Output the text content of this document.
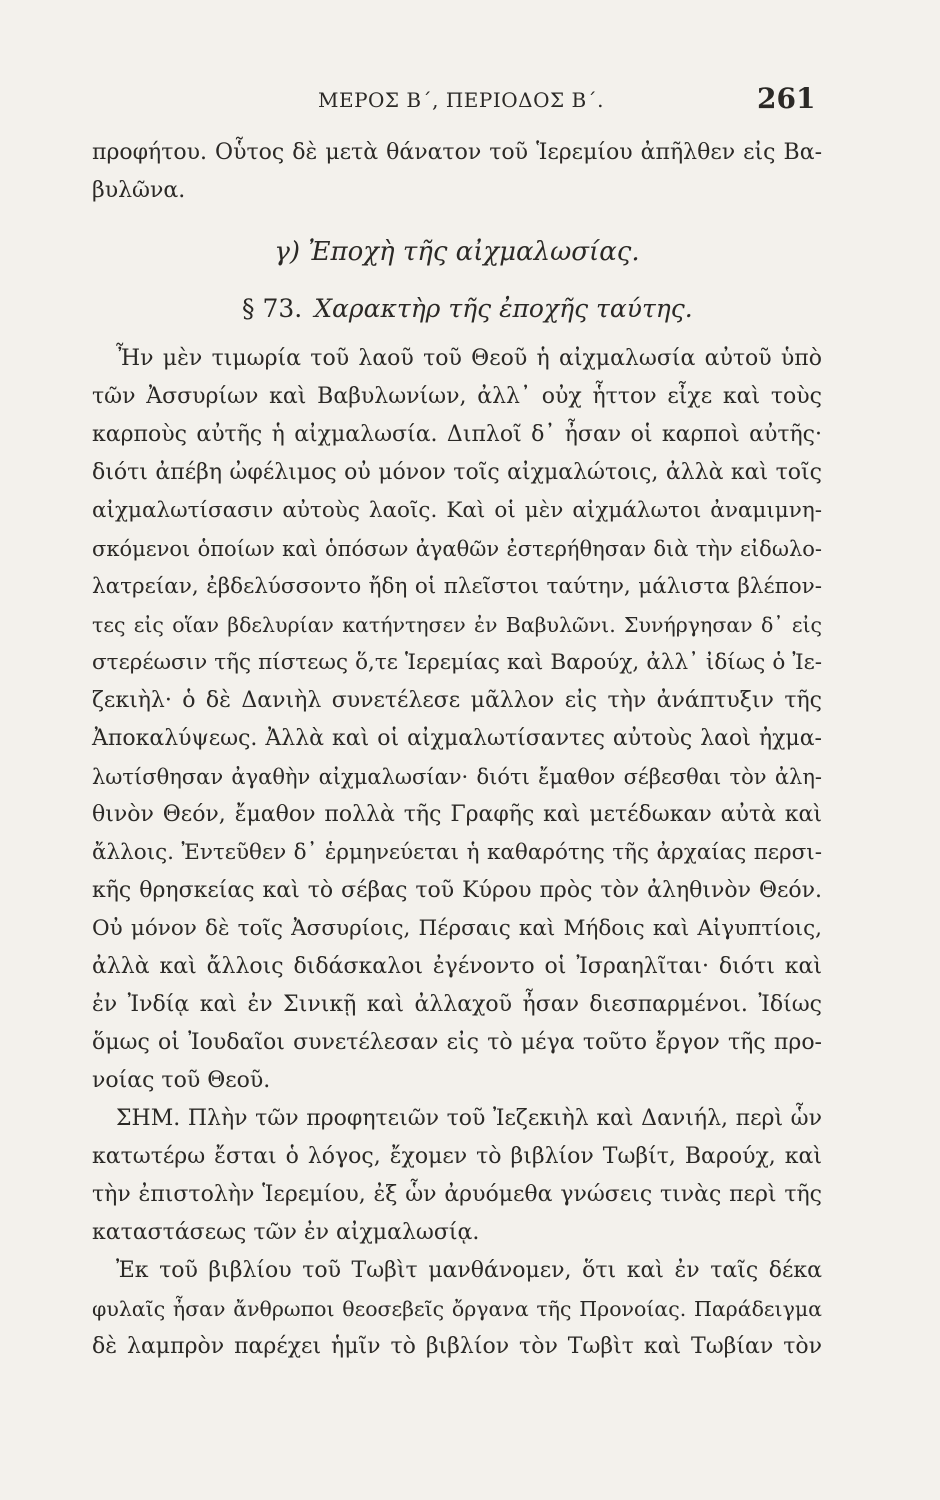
ΜΕΡΟΣ Β΄, ΠΕΡΙΟΔΟΣ Β΄.	261
προφήτου. Οὗτος δὲ μετὰ θάνατον τοῦ Ἱερεμίου ἀπῆλθεν εἰς Βα-
βυλῶνα.
γ) Ἐποχὴ τῆς αἰχμαλωσίας.
§ 73. Χαρακτὴρ τῆς ἐποχῆς ταύτης.
Ἦν μὲν τιμωρία τοῦ λαοῦ τοῦ Θεοῦ ἡ αἰχμαλωσία αὐτοῦ ὑπὸ
τῶν Ἀσσυρίων καὶ Βαβυλωνίων, ἀλλ᾽ οὐχ ἧττον εἶχε καὶ τοὺς
καρποὺς αὐτῆς ἡ αἰχμαλωσία. Διπλοῖ δ᾽ ἦσαν οἱ καρποὶ αὐτῆς·
διότι ἀπέβη ὠφέλιμος οὐ μόνον τοῖς αἰχμαλώτοις, ἀλλὰ καὶ τοῖς
αἰχμαλωτίσασιν αὐτοὺς λαοῖς. Καὶ οἱ μὲν αἰχμάλωτοι ἀναμιμνη-
σκόμενοι ὁποίων καὶ ὁπόσων ἀγαθῶν ἐστερήθησαν διὰ τὴν εἰδωλο-
λατρείαν, ἐβδελύσσοντο ἤδη οἱ πλεῖστοι ταύτην, μάλιστα βλέπον-
τες εἰς οἵαν βδελυρίαν κατήντησεν ἐν Βαβυλῶνι. Συνήργησαν δ᾽ εἰς
στερέωσιν τῆς πίστεως ὅ,τε Ἱερεμίας καὶ Βαρούχ, ἀλλ᾽ ἰδίως ὁ Ἰε-
ζεκιὴλ· ὁ δὲ Δανιὴλ συνετέλεσε μᾶλλον εἰς τὴν ἀνάπτυξιν τῆς
Ἀποκαλύψεως. Ἀλλὰ καὶ οἱ αἰχμαλωτίσαντες αὐτοὺς λαοὶ ἠχμα-
λωτίσθησαν ἀγαθὴν αἰχμαλωσίαν· διότι ἔμαθον σέβεσθαι τὸν ἀλη-
θινὸν Θεόν, ἔμαθον πολλὰ τῆς Γραφῆς καὶ μετέδωκαν αὐτὰ καὶ
ἄλλοις. Ἐντεῦθεν δ᾽ ἑρμηνεύεται ἡ καθαρότης τῆς ἀρχαίας περσι-
κῆς θρησκείας καὶ τὸ σέβας τοῦ Κύρου πρὸς τὸν ἀληθινὸν Θεόν.
Οὐ μόνον δὲ τοῖς Ἀσσυρίοις, Πέρσαις καὶ Μήδοις καὶ Αἰγυπτίοις,
ἀλλὰ καὶ ἄλλοις διδάσκαλοι ἐγένοντο οἱ Ἰσραηλῖται· διότι καὶ
ἐν Ἰνδίᾳ καὶ ἐν Σινικῇ καὶ ἀλλαχοῦ ἦσαν διεσπαρμένοι. Ἰδίως
ὅμως οἱ Ἰουδαῖοι συνετέλεσαν εἰς τὸ μέγα τοῦτο ἔργον τῆς προ-
νοίας τοῦ Θεοῦ.
ΣΗΜ. Πλὴν τῶν προφητειῶν τοῦ Ἰεζεκιὴλ καὶ Δανιήλ, περὶ ὧν
κατωτέρω ἔσται ὁ λόγος, ἔχομεν τὸ βιβλίον Τωβίτ, Βαρούχ, καὶ
τὴν ἐπιστολὴν Ἱερεμίου, ἐξ ὧν ἀρυόμεθα γνώσεις τινὰς περὶ τῆς
καταστάσεως τῶν ἐν αἰχμαλωσίᾳ.
Ἐκ τοῦ βιβλίου τοῦ Τωβὶτ μανθάνομεν, ὅτι καὶ ἐν ταῖς δέκα
φυλαῖς ἦσαν ἄνθρωποι θεοσεβεῖς ὄργανα τῆς Προνοίας. Παράδειγμα
δὲ λαμπρὸν παρέχει ἡμῖν τὸ βιβλίον τὸν Τωβὶτ καὶ Τωβίαν τὸν
